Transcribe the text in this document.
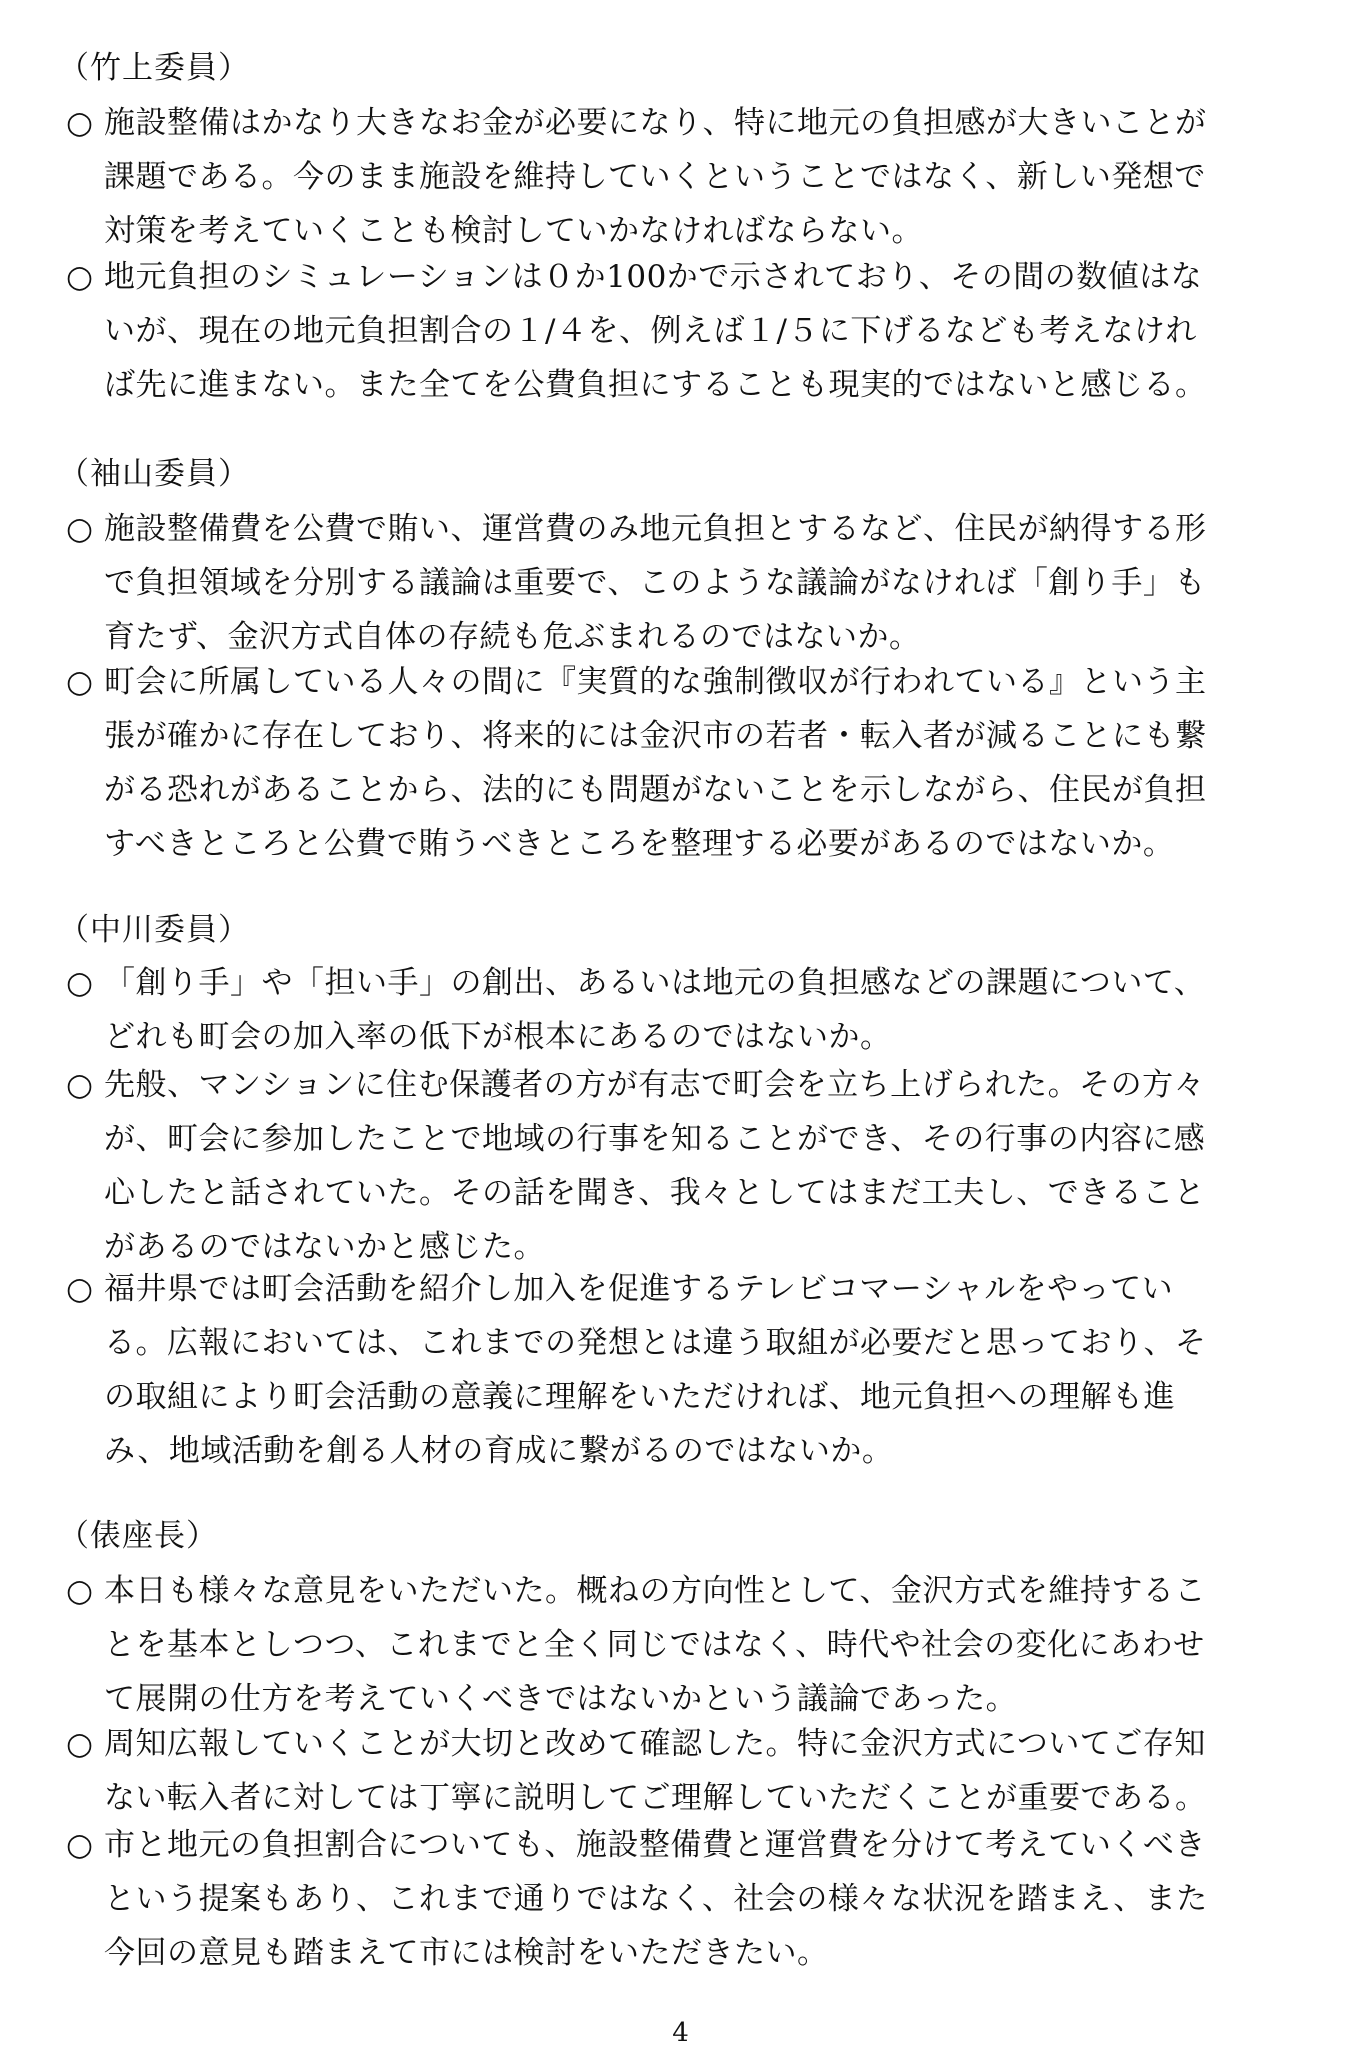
（竹上委員）
○ 施設整備はかなり大きなお金が必要になり、特に地元の負担感が大きいことが
課題である。今のまま施設を維持していくということではなく、新しい発想で
対策を考えていくことも検討していかなければならない。
○ 地元負担のシミュレーションは０か100かで示されており、その間の数値はな
いが、現在の地元負担割合の１/４を、例えば１/５に下げるなども考えなけれ
ば先に進まない。また全てを公費負担にすることも現実的ではないと感じる。
（袖山委員）
○ 施設整備費を公費で賄い、運営費のみ地元負担とするなど、住民が納得する形
で負担領域を分別する議論は重要で、このような議論がなければ「創り手」も
育たず、金沢方式自体の存続も危ぶまれるのではないか。
○ 町会に所属している人々の間に『実質的な強制徴収が行われている』という主
張が確かに存在しており、将来的には金沢市の若者・転入者が減ることにも繋
がる恐れがあることから、法的にも問題がないことを示しながら、住民が負担
すべきところと公費で賄うべきところを整理する必要があるのではないか。
（中川委員）
○ 「創り手」や「担い手」の創出、あるいは地元の負担感などの課題について、
どれも町会の加入率の低下が根本にあるのではないか。
○ 先般、マンションに住む保護者の方が有志で町会を立ち上げられた。その方々
が、町会に参加したことで地域の行事を知ることができ、その行事の内容に感
心したと話されていた。その話を聞き、我々としてはまだ工夫し、できること
があるのではないかと感じた。
○ 福井県では町会活動を紹介し加入を促進するテレビコマーシャルをやってい
る。広報においては、これまでの発想とは違う取組が必要だと思っており、そ
の取組により町会活動の意義に理解をいただければ、地元負担への理解も進
み、地域活動を創る人材の育成に繋がるのではないか。
（俵座長）
○ 本日も様々な意見をいただいた。概ねの方向性として、金沢方式を維持するこ
とを基本としつつ、これまでと全く同じではなく、時代や社会の変化にあわせ
て展開の仕方を考えていくべきではないかという議論であった。
○ 周知広報していくことが大切と改めて確認した。特に金沢方式についてご存知
ない転入者に対しては丁寧に説明してご理解していただくことが重要である。
○ 市と地元の負担割合についても、施設整備費と運営費を分けて考えていくべき
という提案もあり、これまで通りではなく、社会の様々な状況を踏まえ、また
今回の意見も踏まえて市には検討をいただきたい。
4
